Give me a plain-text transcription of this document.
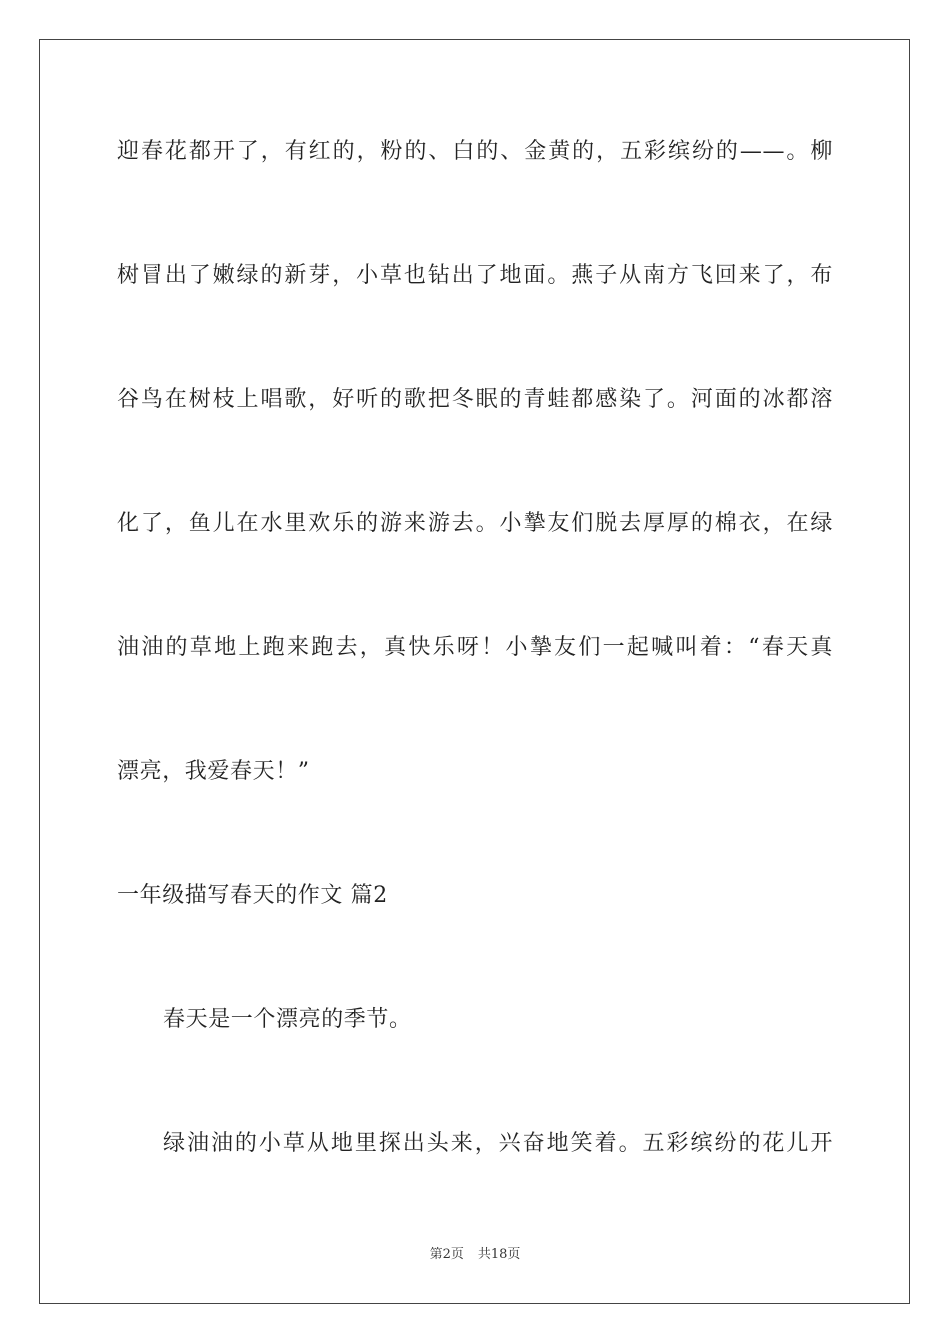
迎春花都开了，有红的，粉的、白的、金黄的，五彩缤纷的——。柳
树冒出了嫩绿的新芽，小草也钻出了地面。燕子从南方飞回来了，布
谷鸟在树枝上唱歌，好听的歌把冬眠的青蛙都感染了。河面的冰都溶
化了，鱼儿在水里欢乐的游来游去。小摯友们脱去厚厚的棉衣，在绿
油油的草地上跑来跑去，真快乐呀！小摯友们一起喊叫着：“春天真
漂亮，我爱春天！”
一年级描写春天的作文 篇2
春天是一个漂亮的季节。
绿油油的小草从地里探出头来，兴奋地笑着。五彩缤纷的花儿开
第2页 共18页
